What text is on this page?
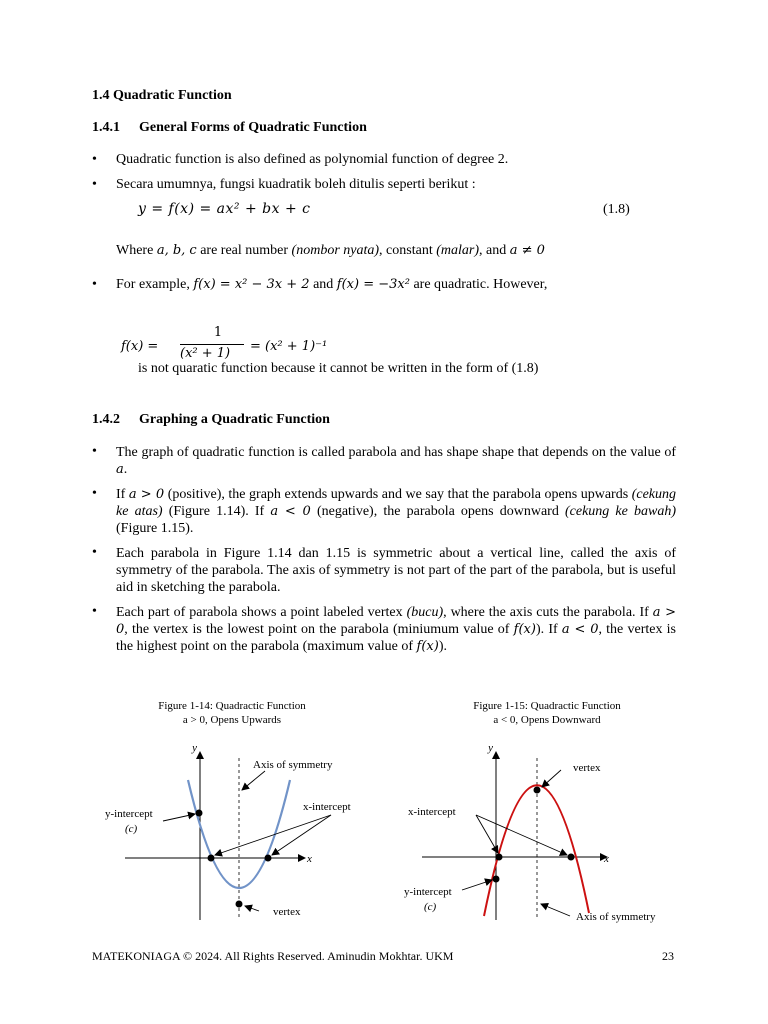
1.4 Quadratic Function
1.4.1 General Forms of Quadratic Function
• Quadratic function is also defined as polynomial function of degree 2.
• Secara umumnya, fungsi kuadratik boleh ditulis seperti berikut :
y = f(x) = ax² + bx + c	(1.8)
Where a, b, c are real number (nombor nyata), constant (malar), and a ≠ 0
• For example, f(x) = x² − 3x + 2 and f(x) = −3x² are quadratic. However,
f(x) =
1
(x² + 1) = (x² + 1)⁻¹
is not quaratic function because it cannot be written in the form of (1.8)
1.4.2 Graphing a Quadratic Function
• The graph of quadratic function is called parabola and has shape shape that depends on the value of a.
• If a > 0 (positive), the graph extends upwards and we say that the parabola opens upwards (cekung ke atas) (Figure 1.14). If a < 0 (negative), the parabola opens downward (cekung ke bawah) (Figure 1.15).
• Each parabola in Figure 1.14 dan 1.15 is symmetric about a vertical line, called the axis of symmetry of the parabola. The axis of symmetry is not part of the part of the parabola, but is useful aid in sketching the parabola.
• Each part of parabola shows a point labeled vertex (bucu), where the axis cuts the parabola. If a > 0, the vertex is the lowest point on the parabola (miniumum value of f(x)). If a < 0, the vertex is the highest point on the parabola (maximum value of f(x)).
Figure 1-14: Quadractic Function
a > 0, Opens Upwards
y
x
Axis of symmetry
y-intercept
(c)
x-intercept
vertex
Figure 1-15: Quadractic Function
a < 0, Opens Downward
y
x
vertex
x-intercept
y-intercept
(c)
Axis of symmetry
MATEKONIAGA © 2024. All Rights Reserved. Aminudin Mokhtar. UKM	23
